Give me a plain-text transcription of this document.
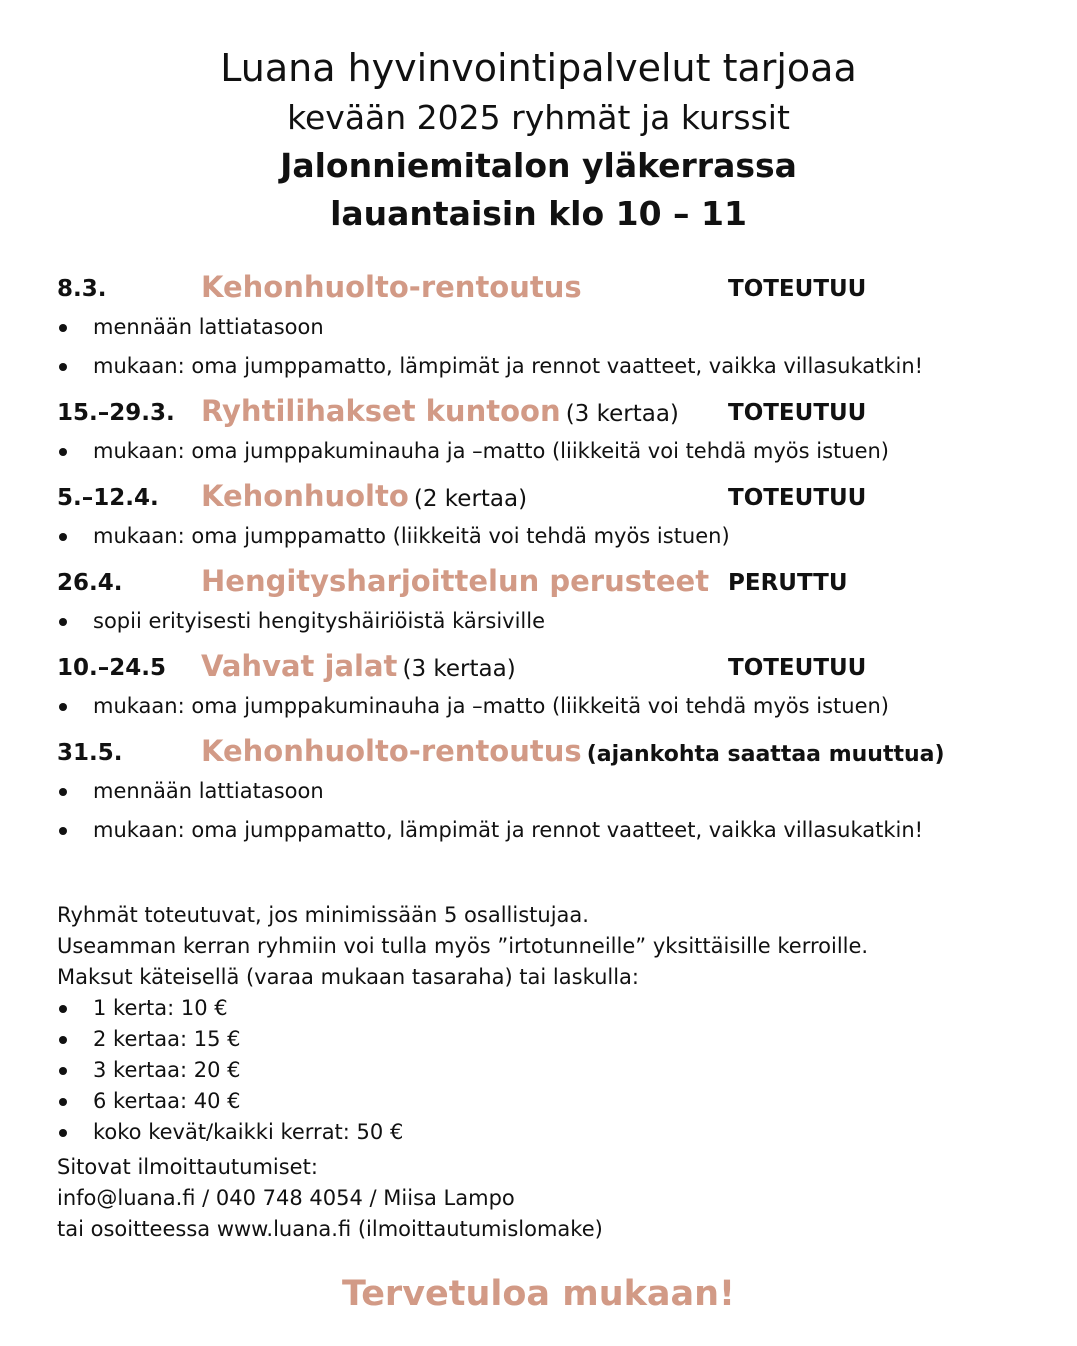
Luana hyvinvointipalvelut tarjoaa
kevään 2025 ryhmät ja kurssit
Jalonniemitalon yläkerrassa
lauantaisin klo 10 – 11
8.3.	Kehonhuolto-rentoutus	TOTEUTUU
mennään lattiatasoon
mukaan: oma jumppamatto, lämpimät ja rennot vaatteet, vaikka villasukatkin!
15.–29.3. Ryhtilihakset kuntoon (3 kertaa) TOTEUTUU
mukaan: oma jumppakuminauha ja –matto (liikkeitä voi tehdä myös istuen)
5.–12.4. Kehonhuolto (2 kertaa)	TOTEUTUU
mukaan: oma jumppamatto (liikkeitä voi tehdä myös istuen)
26.4.	Hengitysharjoittelun perusteet PERUTTU
sopii erityisesti hengityshäiriöistä kärsiville
10.–24.5 Vahvat jalat (3 kertaa)	TOTEUTUU
mukaan: oma jumppakuminauha ja –matto (liikkeitä voi tehdä myös istuen)
31.5.	Kehonhuolto-rentoutus (ajankohta saattaa muuttua)
mennään lattiatasoon
mukaan: oma jumppamatto, lämpimät ja rennot vaatteet, vaikka villasukatkin!

Ryhmät toteutuvat, jos minimissään 5 osallistujaa.

Useamman kerran ryhmiin voi tulla myös ”irtotunneille” yksittäisille kerroille.

Maksut käteisellä (varaa mukaan tasaraha) tai laskulla:

1 kerta: 10 €
2 kertaa: 15 €
3 kertaa: 20 €
6 kertaa: 40 €
koko kevät/kaikki kerrat: 50 €

Sitovat ilmoittautumiset:

info@luana.fi / 040 748 4054 / Miisa Lampo

tai osoitteessa www.luana.fi (ilmoittautumislomake)

Tervetuloa mukaan!
